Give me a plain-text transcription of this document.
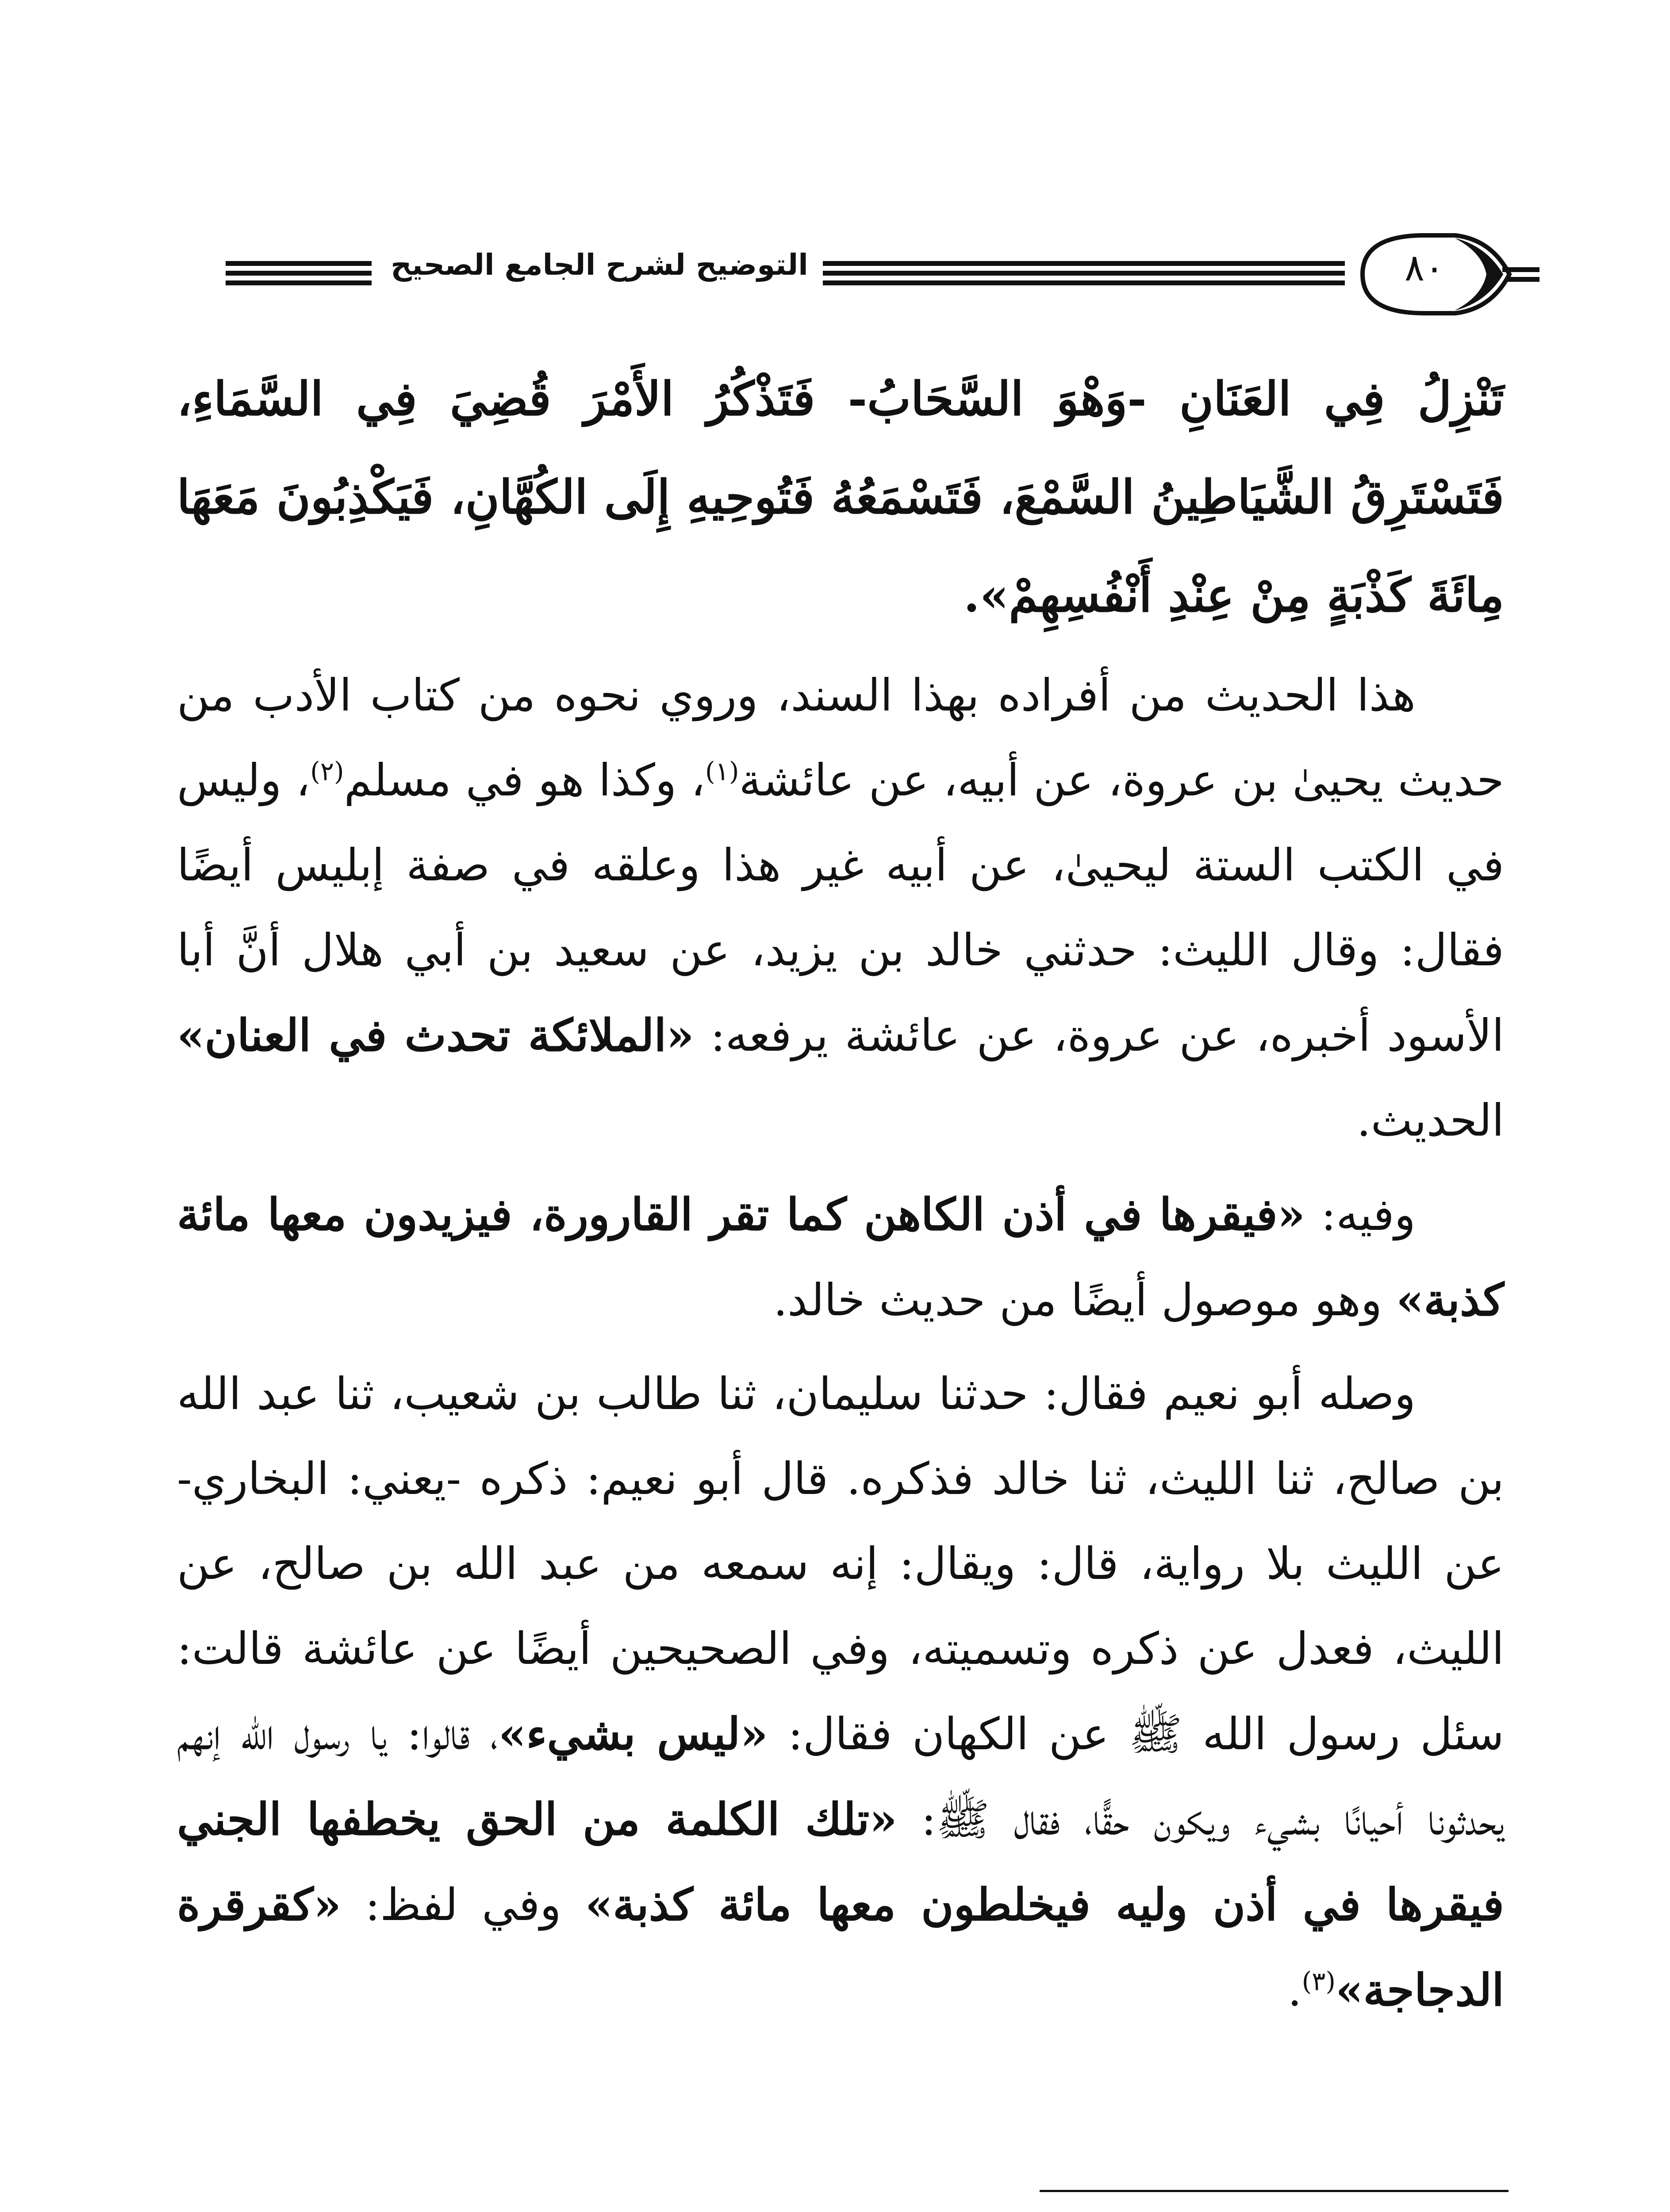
التوضيح لشرح الجامع الصحيح	٨٠

تَنْزِلُ فِي العَنَانِ -وَهْوَ السَّحَابُ- فَتَذْكُرُ الأَمْرَ قُضِيَ فِي السَّمَاءِ، فَتَسْتَرِقُ الشَّيَاطِينُ السَّمْعَ، فَتَسْمَعُهُ فَتُوحِيهِ إِلَى الكُهَّانِ، فَيَكْذِبُونَ مَعَهَا مِائَةَ كَذْبَةٍ مِنْ عِنْدِ أَنْفُسِهِمْ».

هذا الحديث من أفراده بهذا السند، وروي نحوه من كتاب الأدب من حديث يحيىٰ بن عروة، عن أبيه، عن عائشة$^{(١)}$، وكذا هو في مسلم$^{(٢)}$، وليس في الكتب الستة ليحيىٰ، عن أبيه غير هذا وعلقه في صفة إبليس أيضًا فقال: وقال الليث: حدثني خالد بن يزيد، عن سعيد بن أبي هلال أنَّ أبا الأسود أخبره، عن عروة، عن عائشة يرفعه: «الملائكة تحدث في العنان» الحديث.

وفيه: «فيقرها في أذن الكاهن كما تقر القارورة، فيزيدون معها مائة كذبة» وهو موصول أيضًا من حديث خالد.

وصله أبو نعيم فقال: حدثنا سليمان، ثنا طالب بن شعيب، ثنا عبد الله بن صالح، ثنا الليث، ثنا خالد فذكره. قال أبو نعيم: ذكره -يعني: البخاري- عن الليث بلا رواية، قال: ويقال: إنه سمعه من عبد الله بن صالح، عن الليث، فعدل عن ذكره وتسميته، وفي الصحيحين أيضًا عن عائشة قالت: سئل رسول الله ﷺ عن الكهان فقال: «ليس بشيء»، قالوا: يا رسول الله إنهم يحدثونا أحيانًا بشيء ويكون حقًّا، فقال ﷺ: «تلك الكلمة من الحق يخطفها الجني فيقرها في أذن وليه فيخلطون معها مائة كذبة» وفي لفظ: «كقرقرة الدجاجة»$^{(٣)}$.
